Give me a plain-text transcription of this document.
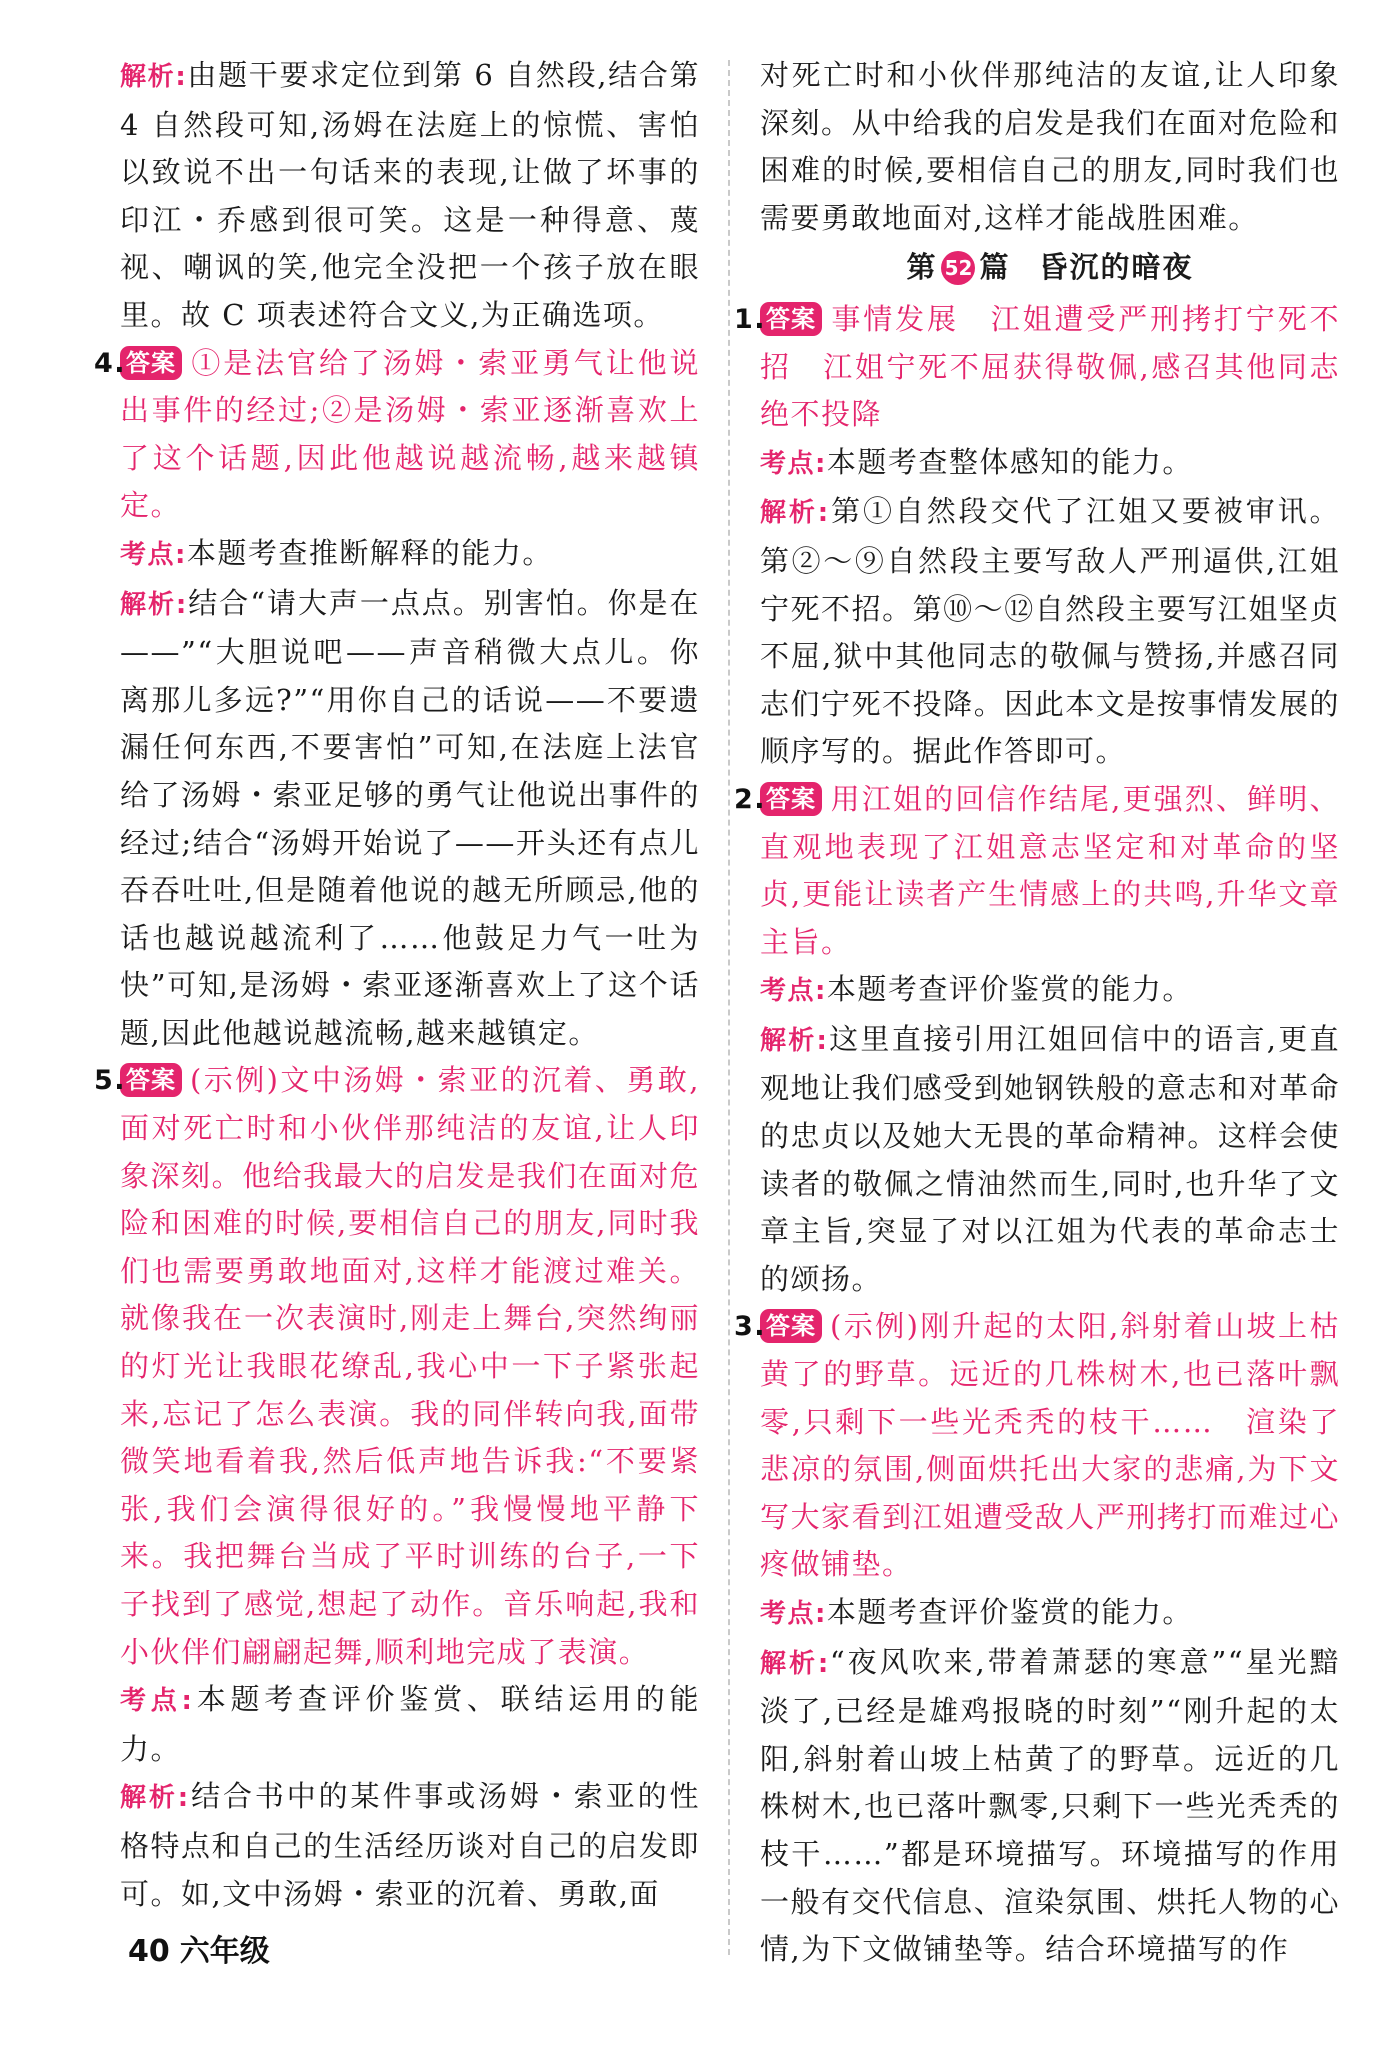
解析:由题干要求定位到第 6 自然段,结合第 4 自然段可知,汤姆在法庭上的惊慌、害怕以致说不出一句话来的表现,让做了坏事的印江・乔感到很可笑。这是一种得意、蔑视、嘲讽的笑,他完全没把一个孩子放在眼里。故 C 项表述符合文义,为正确选项。

4. 答案 ①是法官给了汤姆・索亚勇气让他说出事件的经过;②是汤姆・索亚逐渐喜欢上了这个话题,因此他越说越流畅,越来越镇定。

考点:本题考查推断解释的能力。

解析:结合“请大声一点点。别害怕。你是在——”“大胆说吧——声音稍微大点儿。你离那儿多远?”“用你自己的话说——不要遗漏任何东西,不要害怕”可知,在法庭上法官给了汤姆・索亚足够的勇气让他说出事件的经过;结合“汤姆开始说了——开头还有点儿吞吞吐吐,但是随着他说的越无所顾忌,他的话也越说越流利了……他鼓足力气一吐为快”可知,是汤姆・索亚逐渐喜欢上了这个话题,因此他越说越流畅,越来越镇定。

5. 答案 (示例)文中汤姆・索亚的沉着、勇敢,面对死亡时和小伙伴那纯洁的友谊,让人印象深刻。他给我最大的启发是我们在面对危险和困难的时候,要相信自己的朋友,同时我们也需要勇敢地面对,这样才能渡过难关。就像我在一次表演时,刚走上舞台,突然绚丽的灯光让我眼花缭乱,我心中一下子紧张起来,忘记了怎么表演。我的同伴转向我,面带微笑地看着我,然后低声地告诉我:“不要紧张,我们会演得很好的。”我慢慢地平静下来。我把舞台当成了平时训练的台子,一下子找到了感觉,想起了动作。音乐响起,我和小伙伴们翩翩起舞,顺利地完成了表演。

考点:本题考查评价鉴赏、联结运用的能力。

解析:结合书中的某件事或汤姆・索亚的性格特点和自己的生活经历谈对自己的启发即可。如,文中汤姆・索亚的沉着、勇敢,面

对死亡时和小伙伴那纯洁的友谊,让人印象深刻。从中给我的启发是我们在面对危险和困难的时候,要相信自己的朋友,同时我们也需要勇敢地面对,这样才能战胜困难。

第 52 篇 昏沉的暗夜
1. 答案 事情发展　江姐遭受严刑拷打宁死不招　江姐宁死不屈获得敬佩,感召其他同志绝不投降

考点:本题考查整体感知的能力。

解析:第①自然段交代了江姐又要被审讯。第②～⑨自然段主要写敌人严刑逼供,江姐宁死不招。第⑩～⑫自然段主要写江姐坚贞不屈,狱中其他同志的敬佩与赞扬,并感召同志们宁死不投降。因此本文是按事情发展的顺序写的。据此作答即可。

2. 答案 用江姐的回信作结尾,更强烈、鲜明、直观地表现了江姐意志坚定和对革命的坚贞,更能让读者产生情感上的共鸣,升华文章主旨。

考点:本题考查评价鉴赏的能力。

解析:这里直接引用江姐回信中的语言,更直观地让我们感受到她钢铁般的意志和对革命的忠贞以及她大无畏的革命精神。这样会使读者的敬佩之情油然而生,同时,也升华了文章主旨,突显了对以江姐为代表的革命志士的颂扬。

3. 答案 (示例)刚升起的太阳,斜射着山坡上枯黄了的野草。远近的几株树木,也已落叶飘零,只剩下一些光秃秃的枝干……　渲染了悲凉的氛围,侧面烘托出大家的悲痛,为下文写大家看到江姐遭受敌人严刑拷打而难过心疼做铺垫。

考点:本题考查评价鉴赏的能力。

解析:“夜风吹来,带着萧瑟的寒意”“星光黯淡了,已经是雄鸡报晓的时刻”“刚升起的太阳,斜射着山坡上枯黄了的野草。远近的几株树木,也已落叶飘零,只剩下一些光秃秃的枝干……”都是环境描写。环境描写的作用一般有交代信息、渲染氛围、烘托人物的心情,为下文做铺垫等。结合环境描写的作

40 六年级
